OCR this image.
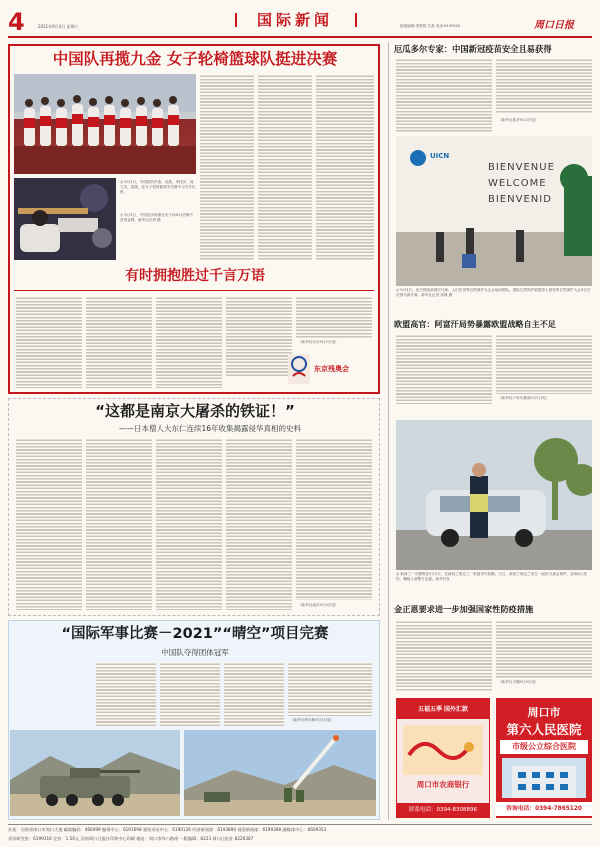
4	2021年9月4日 星期六	国际新闻	组版编辑:李思悦 关晶 电话:6199520	周口日报
中国队再揽九金 女子轮椅篮球队挺进决赛
◎ 9月3日，中国队的肖燕、吴燕、李佳庆、周立英、裴姚，在女子轮椅篮球半决赛中与对手比拼。
◎ 9月3日，中国选手杨倩在女子(SH1)决赛中获得金牌，新华社记者 摄
有时拥抱胜过千言万语
（新华社东京9月2日电）
东京残奥会
“这都是南京大屠杀的铁证！”
——日本僧人大东仁连续16年收集揭露侵华真相的史料
（新华社南京9月3日电）
“国际军事比赛－2021”“晴空”项目完赛
中国队夺得团体冠军
（新华社库尔勒9月3日电）
厄瓜多尔专家：中国新冠疫苗安全且易获得
（新华社基多9月2日电）
UICN
BIENVENUE
WELCOME
BIENVENID
◎ 9月3日，在法国南部城市马赛，人们在世界自然保护大会会场前排队。国际自然保护联盟第七届世界自然保护大会3日在法国马赛开幕。新华社记者 高静 摄
欧盟高官：阿富汗局势暴露欧盟战略自主不足
（新华社卢布尔雅那9月2日电）
◎ 新西兰一名警察在9月3日，在新西兰奥克兰一家超市外执勤。当日，新西兰奥克兰发生一起持刀袭击事件，造成6人受伤，嫌疑人被警方击毙。新华社发
金正恩要求进一步加强国家性防疫措施
（新华社平壤9月3日电）
五福五季 国外汇款
周口市农商银行
联系电话：0394-8308896
周口市
第六人民医院
市级公立综合医院
咨询电话：0394-7865120
社址：河南省周口市周口大道 邮政编码：466099 编务中心：6191698 要闻采访中心：6190126 经济新闻部：6193890 视觉新闻部：6199398 融媒体中心：6609353
采访研究室：6199316 定价：1.50元 河南周口日报社印务中心印刷 地址：周口市纬六路南 一版编辑：8223 周口日报社 8220387
